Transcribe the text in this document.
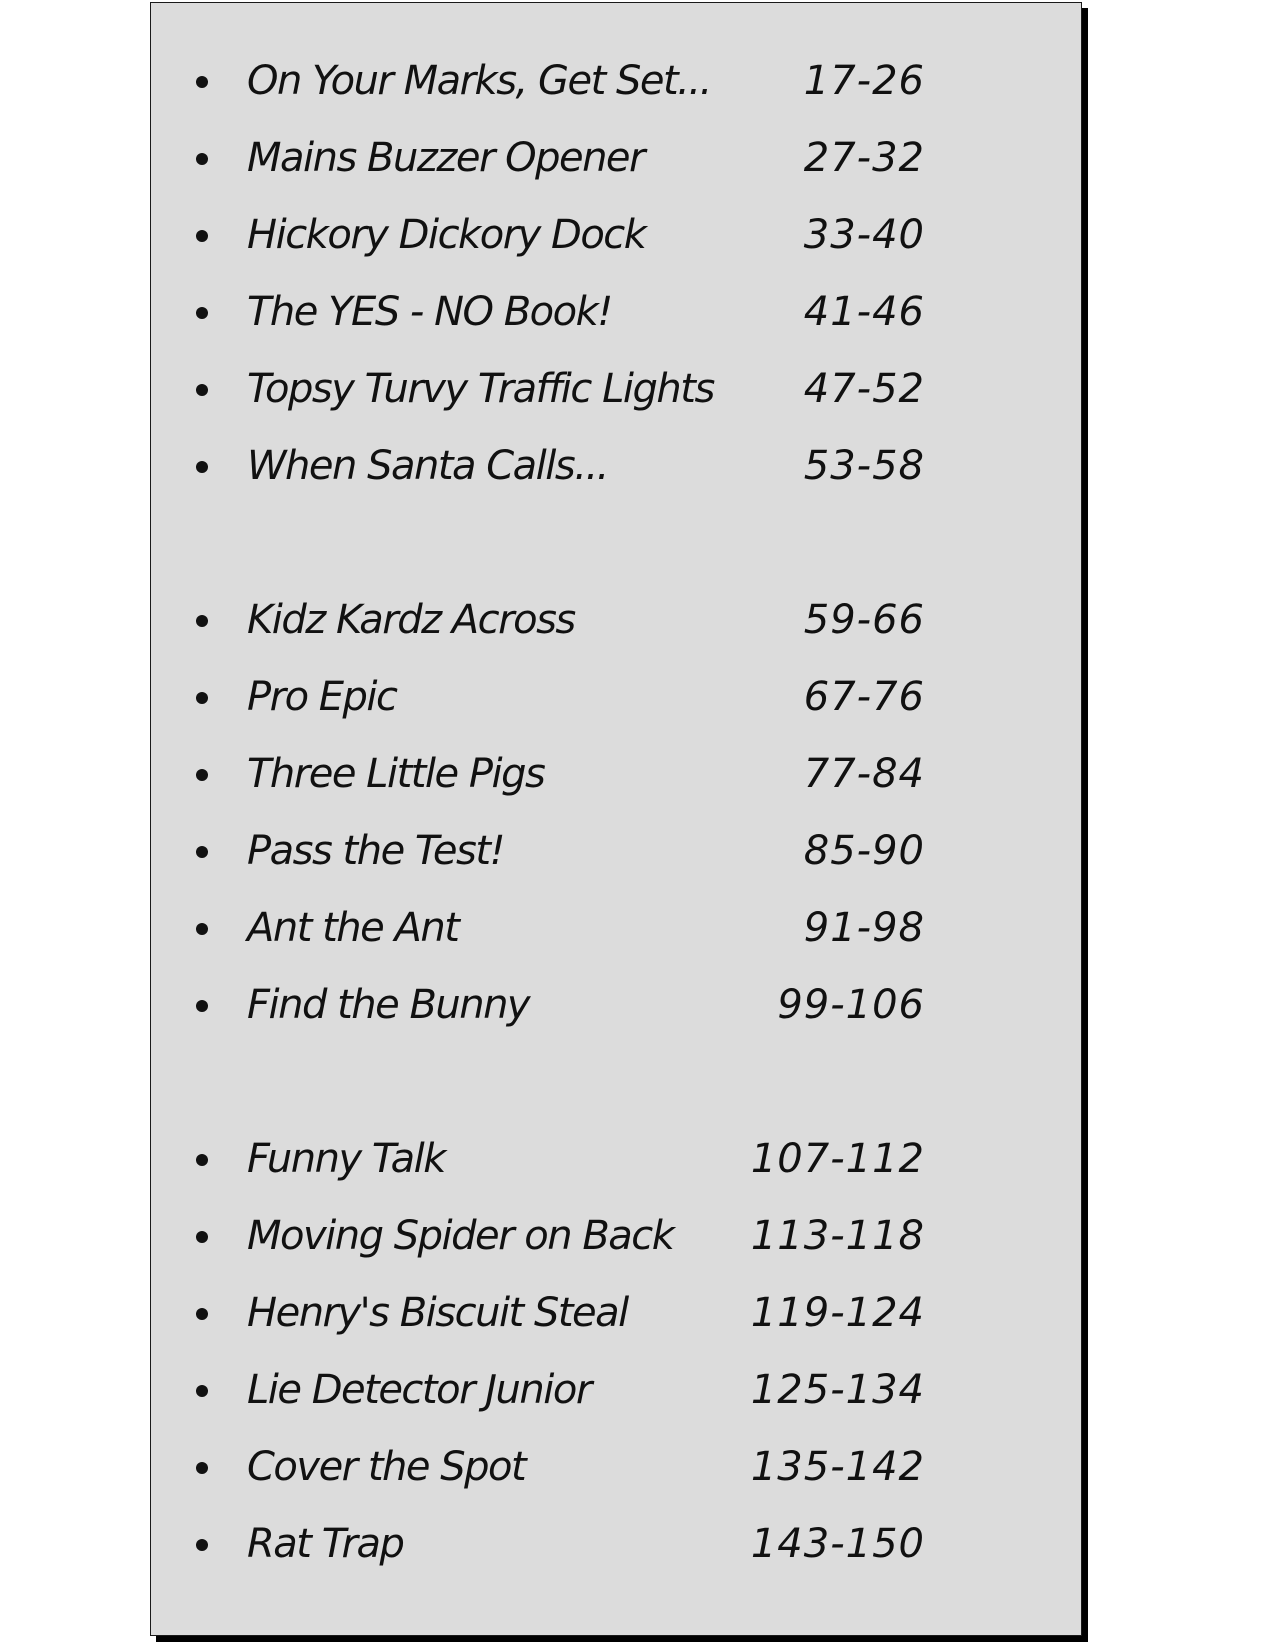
On Your Marks, Get Set... 17-26
Mains Buzzer Opener	27-32
Hickory Dickory Dock	33-40
The YES - NO Book!	41-46
Topsy Turvy Traffic Lights 47-52
When Santa Calls...	53-58
Kidz Kardz Across	59-66
Pro Epic	67-76
Three Little Pigs	77-84
Pass the Test!	85-90
Ant the Ant	91-98
Find the Bunny	99-106
Funny Talk	107-112
Moving Spider on Back 113-118
Henry's Biscuit Steal	119-124
Lie Detector Junior	125-134
Cover the Spot	135-142
Rat Trap	143-150
